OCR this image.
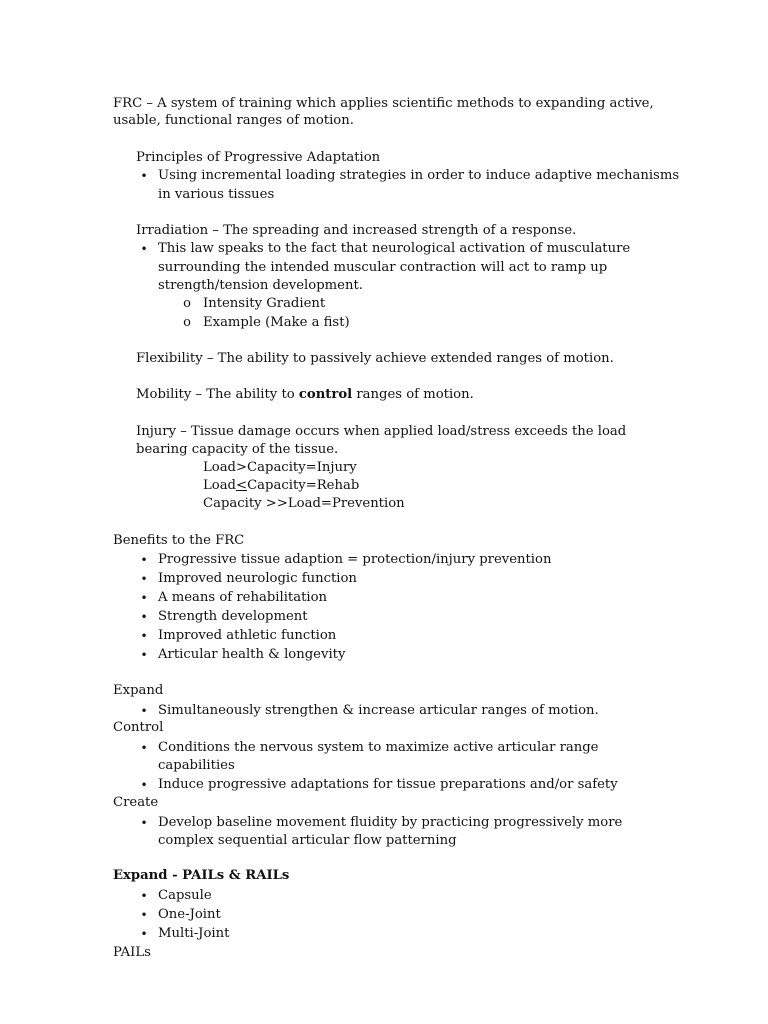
FRC – A system of training which applies scientific methods to expanding active,
usable, functional ranges of motion.
Principles of Progressive Adaptation
• Using incremental loading strategies in order to induce adaptive mechanisms
in various tissues
Irradiation – The spreading and increased strength of a response.
• This law speaks to the fact that neurological activation of musculature
surrounding the intended muscular contraction will act to ramp up
strength/tension development.
o Intensity Gradient
o Example (Make a fist)
Flexibility – The ability to passively achieve extended ranges of motion.
Mobility – The ability to control ranges of motion.
Injury – Tissue damage occurs when applied load/stress exceeds the load
bearing capacity of the tissue.
Load>Capacity=Injury
Load<Capacity=Rehab
Capacity >>Load=Prevention
Benefits to the FRC
• Progressive tissue adaption = protection/injury prevention
• Improved neurologic function
• A means of rehabilitation
• Strength development
• Improved athletic function
• Articular health & longevity
Expand
• Simultaneously strengthen & increase articular ranges of motion.
Control
• Conditions the nervous system to maximize active articular range
capabilities
• Induce progressive adaptations for tissue preparations and/or safety
Create
• Develop baseline movement fluidity by practicing progressively more
complex sequential articular flow patterning
Expand - PAILs & RAILs
• Capsule
• One-Joint
• Multi-Joint
PAILs
